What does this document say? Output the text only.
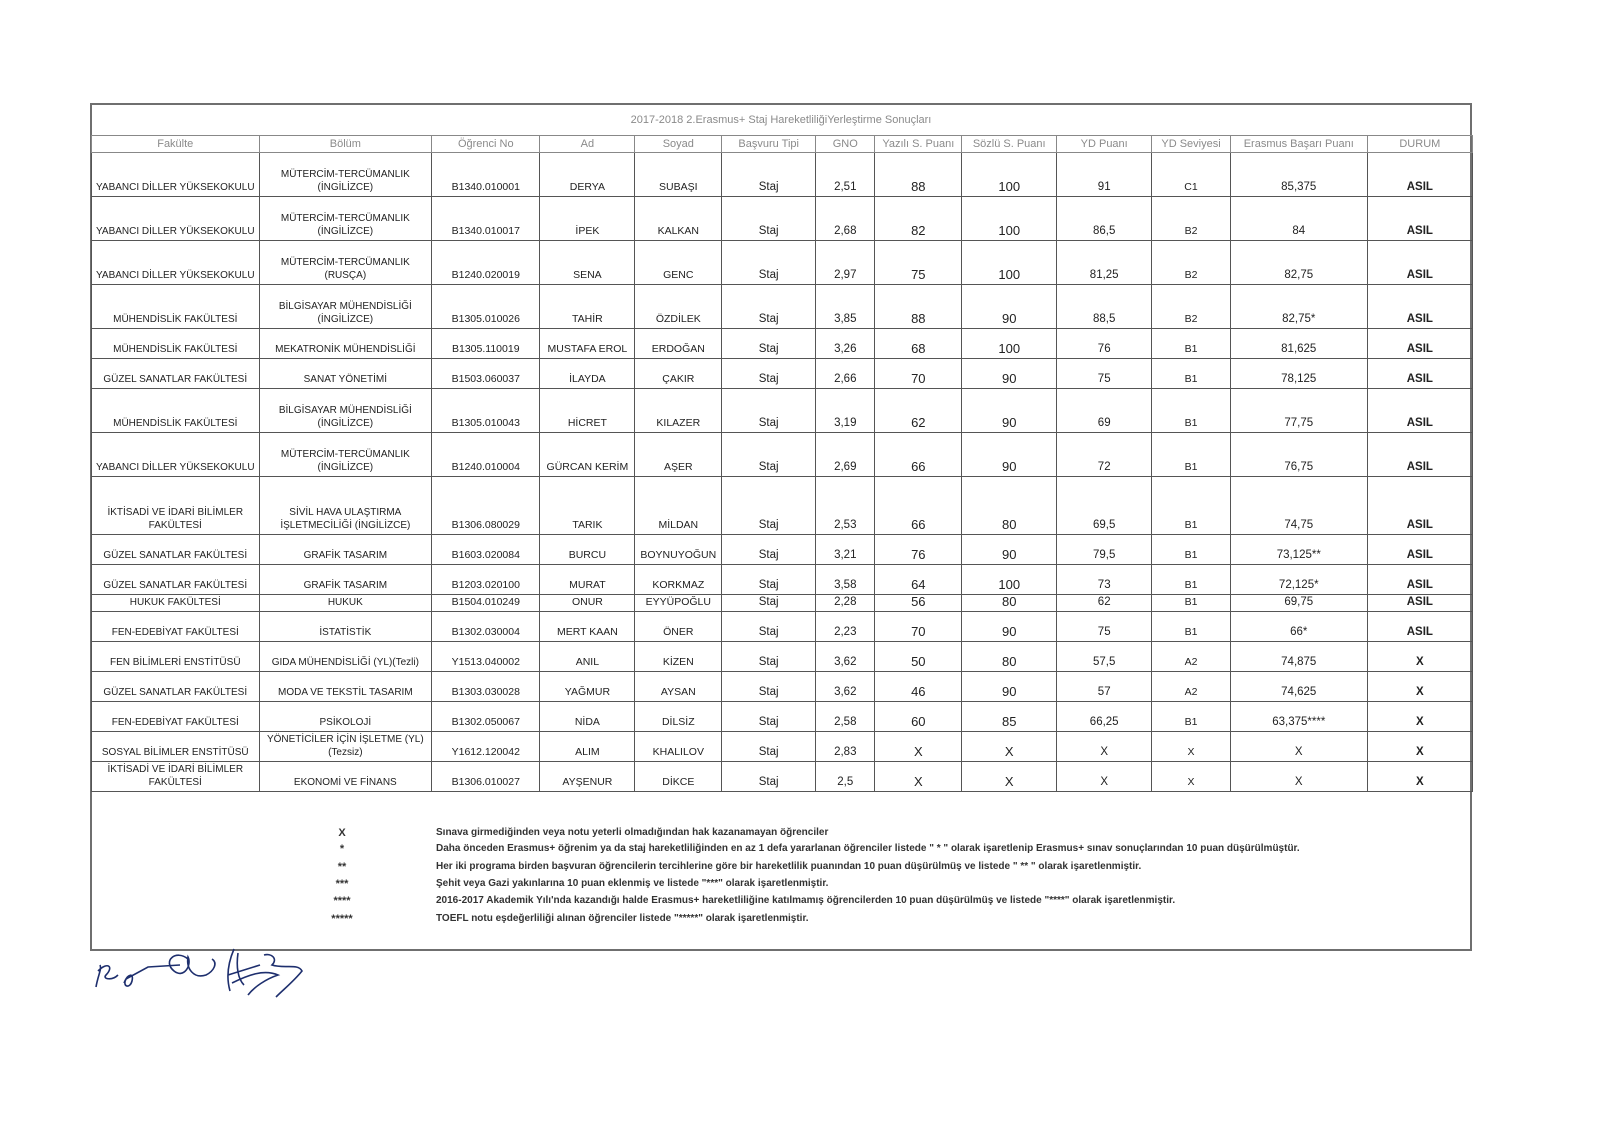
2017-2018 2.Erasmus+ Staj HareketliliğiYerleştirme Sonuçları
Fakülte	Bölüm	Öğrenci No	Ad	Soyad	Başvuru Tipi	GNO	Yazılı S. Puanı	Sözlü S. Puanı	YD Puanı	YD Seviyesi	Erasmus Başarı Puanı	DURUM
YABANCI DİLLER YÜKSEKOKULU	MÜTERCİM-TERCÜMANLIK (İNGİLİZCE)	B1340.010001	DERYA	SUBAŞI	Staj	2,51	88	100	91	C1	85,375	ASIL
YABANCI DİLLER YÜKSEKOKULU	MÜTERCİM-TERCÜMANLIK (İNGİLİZCE)	B1340.010017	İPEK	KALKAN	Staj	2,68	82	100	86,5	B2	84	ASIL
YABANCI DİLLER YÜKSEKOKULU	MÜTERCİM-TERCÜMANLIK (RUSÇA)	B1240.020019	SENA	GENC	Staj	2,97	75	100	81,25	B2	82,75	ASIL
MÜHENDİSLİK FAKÜLTESİ	BİLGİSAYAR MÜHENDİSLİĞİ (İNGİLİZCE)	B1305.010026	TAHİR	ÖZDİLEK	Staj	3,85	88	90	88,5	B2	82,75*	ASIL
MÜHENDİSLİK FAKÜLTESİ	MEKATRONİK MÜHENDİSLİĞİ	B1305.110019	MUSTAFA EROL	ERDOĞAN	Staj	3,26	68	100	76	B1	81,625	ASIL
GÜZEL SANATLAR FAKÜLTESİ	SANAT YÖNETİMİ	B1503.060037	İLAYDA	ÇAKIR	Staj	2,66	70	90	75	B1	78,125	ASIL
MÜHENDİSLİK FAKÜLTESİ	BİLGİSAYAR MÜHENDİSLİĞİ (İNGİLİZCE)	B1305.010043	HİCRET	KILAZER	Staj	3,19	62	90	69	B1	77,75	ASIL
YABANCI DİLLER YÜKSEKOKULU	MÜTERCİM-TERCÜMANLIK (İNGİLİZCE)	B1240.010004	GÜRCAN KERİM	AŞER	Staj	2,69	66	90	72	B1	76,75	ASIL
İKTİSADİ VE İDARİ BİLİMLER FAKÜLTESİ	SİVİL HAVA ULAŞTIRMA İŞLETMECİLİĞİ (İNGİLİZCE)	B1306.080029	TARIK	MİLDAN	Staj	2,53	66	80	69,5	B1	74,75	ASIL
GÜZEL SANATLAR FAKÜLTESİ	GRAFİK TASARIM	B1603.020084	BURCU	BOYNUYOĞUN	Staj	3,21	76	90	79,5	B1	73,125**	ASIL
GÜZEL SANATLAR FAKÜLTESİ	GRAFİK TASARIM	B1203.020100	MURAT	KORKMAZ	Staj	3,58	64	100	73	B1	72,125*	ASIL
HUKUK FAKÜLTESİ	HUKUK	B1504.010249	ONUR	EYYÜPOĞLU	Staj	2,28	56	80	62	B1	69,75	ASIL
FEN-EDEBİYAT FAKÜLTESİ	İSTATİSTİK	B1302.030004	MERT KAAN	ÖNER	Staj	2,23	70	90	75	B1	66*	ASIL
FEN BİLİMLERİ ENSTİTÜSÜ	GIDA MÜHENDİSLİĞİ (YL)(Tezli)	Y1513.040002	ANIL	KİZEN	Staj	3,62	50	80	57,5	A2	74,875	X
GÜZEL SANATLAR FAKÜLTESİ	MODA VE TEKSTİL TASARIM	B1303.030028	YAĞMUR	AYSAN	Staj	3,62	46	90	57	A2	74,625	X
FEN-EDEBİYAT FAKÜLTESİ	PSİKOLOJİ	B1302.050067	NİDA	DİLSİZ	Staj	2,58	60	85	66,25	B1	63,375****	X
SOSYAL BİLİMLER ENSTİTÜSÜ	YÖNETİCİLER İÇİN İŞLETME (YL)(Tezsiz)	Y1612.120042	ALIM	KHALILOV	Staj	2,83	X	X	X	X	X	X
İKTİSADİ VE İDARİ BİLİMLER FAKÜLTESİ	EKONOMİ VE FİNANS	B1306.010027	AYŞENUR	DİKCE	Staj	2,5	X	X	X	X	X	X
X	Sınava girmediğinden veya notu yeterli olmadığından hak kazanamayan öğrenciler
*	Daha önceden Erasmus+ öğrenim ya da staj hareketliliğinden en az 1 defa yararlanan öğrenciler listede " * " olarak işaretlenip Erasmus+ sınav sonuçlarından 10 puan düşürülmüştür.
**	Her iki programa birden başvuran öğrencilerin tercihlerine göre bir hareketlilik puanından 10 puan düşürülmüş ve listede " ** " olarak işaretlenmiştir.
***	Şehit veya Gazi yakınlarına 10 puan eklenmiş ve listede "***" olarak işaretlenmiştir.
****	2016-2017 Akademik Yılı'nda kazandığı halde Erasmus+ hareketliliğine katılmamış öğrencilerden 10 puan düşürülmüş ve listede "****" olarak işaretlenmiştir.
*****	TOEFL notu eşdeğerliliği alınan öğrenciler listede "*****" olarak işaretlenmiştir.
